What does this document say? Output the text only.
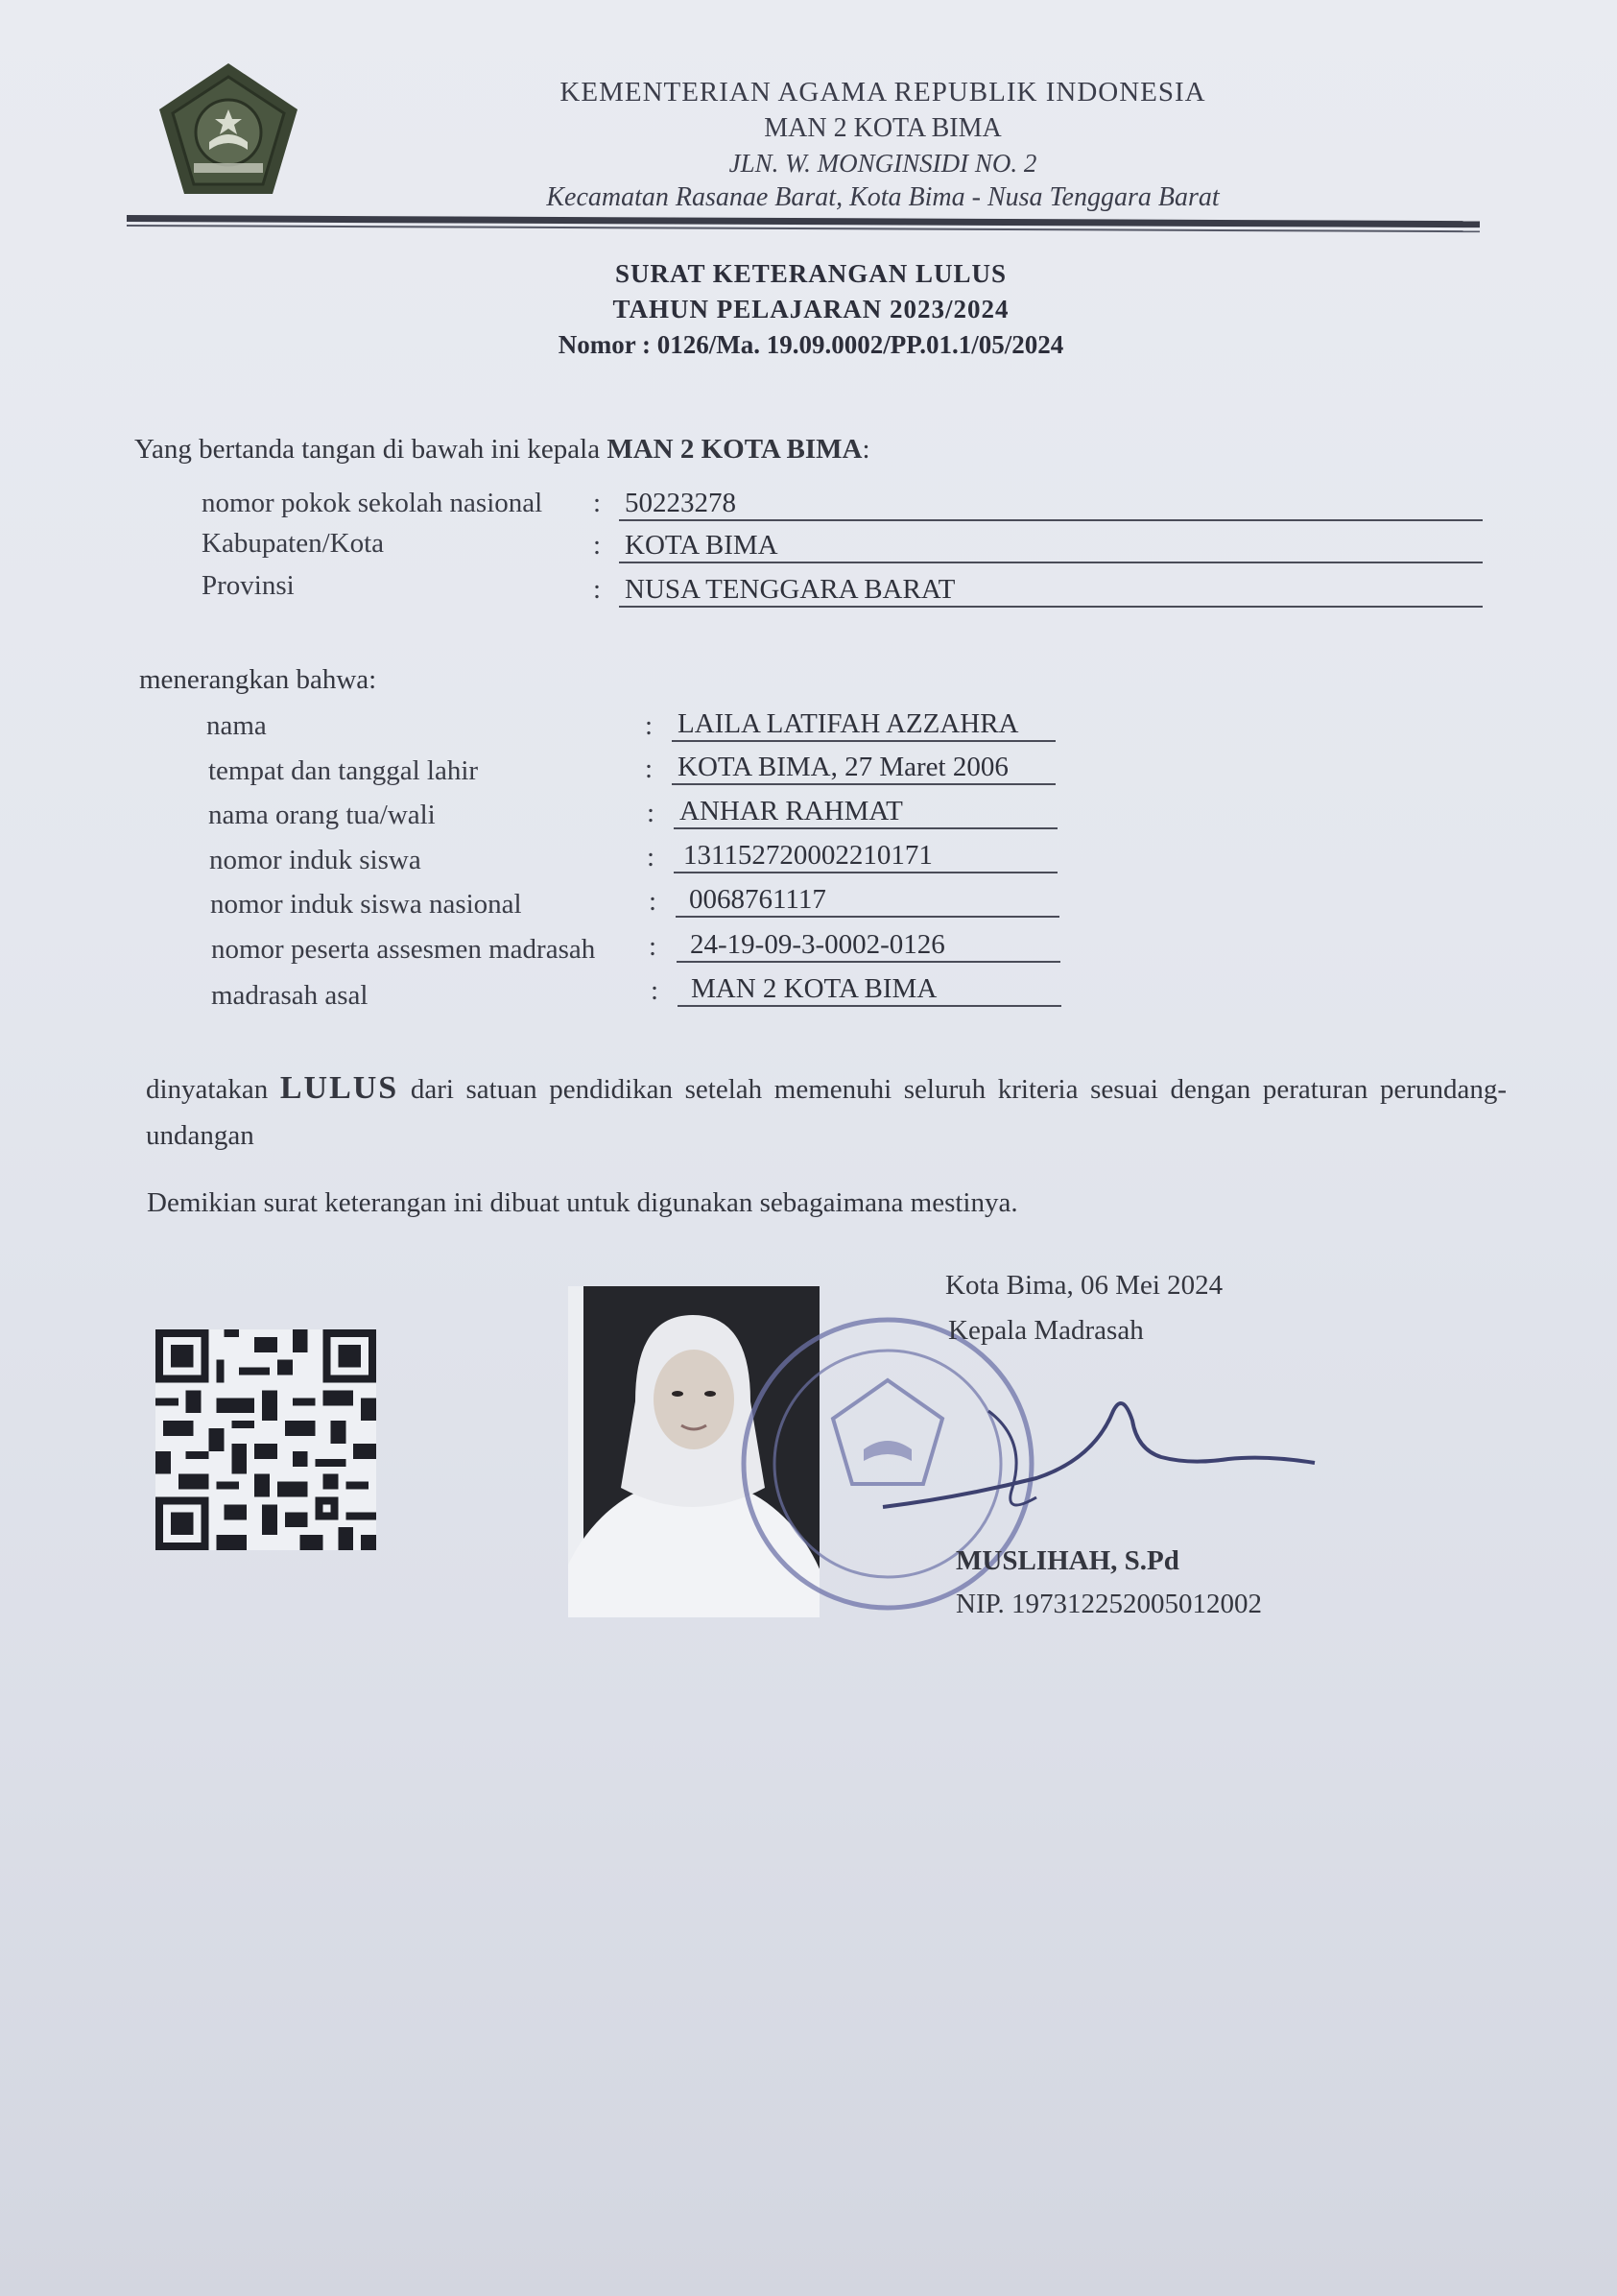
KEMENTERIAN AGAMA REPUBLIK INDONESIA
MAN 2 KOTA BIMA
JLN. W. MONGINSIDI NO. 2
Kecamatan Rasanae Barat, Kota Bima - Nusa Tenggara Barat
SURAT KETERANGAN LULUS
TAHUN PELAJARAN 2023/2024
Nomor : 0126/Ma. 19.09.0002/PP.01.1/05/2024
Yang bertanda tangan di bawah ini kepala MAN 2 KOTA BIMA:
nomor pokok sekolah nasional : 50223278
Kabupaten/Kota	: KOTA BIMA
Provinsi	: NUSA TENGGARA BARAT
menerangkan bahwa:
nama	: LAILA LATIFAH AZZAHRA
tempat dan tanggal lahir	: KOTA BIMA, 27 Maret 2006
nama orang tua/wali	: ANHAR RAHMAT
nomor induk siswa	:	131152720002210171
nomor induk siswa nasional	:	0068761117
nomor peserta assesmen madrasah :	24-19-09-3-0002-0126
madrasah asal	:	MAN 2 KOTA BIMA
dinyatakan LULUS dari satuan pendidikan setelah memenuhi seluruh kriteria sesuai dengan peraturan perundang-undangan
Demikian surat keterangan ini dibuat untuk digunakan sebagaimana mestinya.
Kota Bima, 06 Mei 2024
Kepala Madrasah
MUSLIHAH, S.Pd
NIP. 197312252005012002
